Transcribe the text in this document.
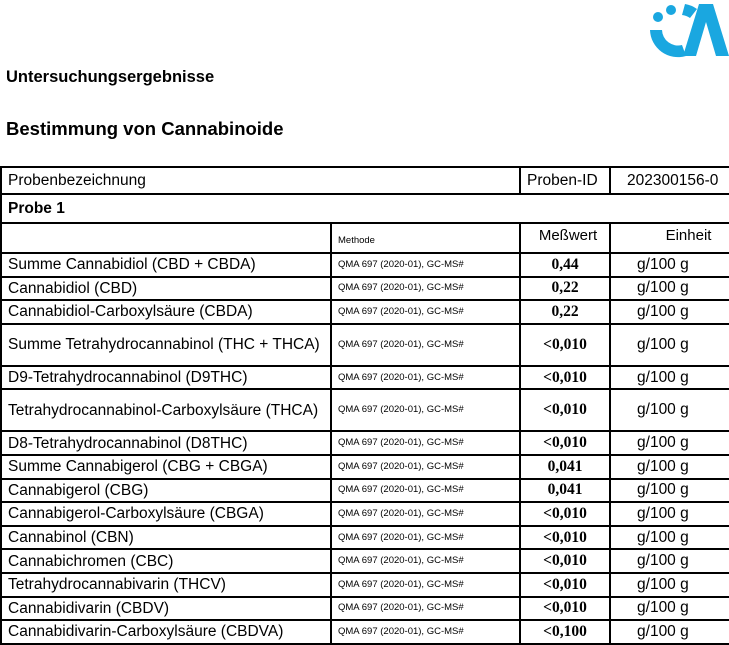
Untersuchungsergebnisse
Bestimmung von Cannabinoide
Probenbezeichnung		Proben-ID	202300156-0
Probe 1			
	Methode	Meßwert	Einheit
Summe Cannabidiol (CBD + CBDA)	QMA 697 (2020-01), GC-MS#	0,44	g/100 g
Cannabidiol (CBD)	QMA 697 (2020-01), GC-MS#	0,22	g/100 g
Cannabidiol-Carboxylsäure (CBDA)	QMA 697 (2020-01), GC-MS#	0,22	g/100 g
Summe Tetrahydrocannabinol (THC + THCA)	QMA 697 (2020-01), GC-MS#	<0,010	g/100 g
D9-Tetrahydrocannabinol (D9THC)	QMA 697 (2020-01), GC-MS#	<0,010	g/100 g
Tetrahydrocannabinol-Carboxylsäure (THCA)	QMA 697 (2020-01), GC-MS#	<0,010	g/100 g
D8-Tetrahydrocannabinol (D8THC)	QMA 697 (2020-01), GC-MS#	<0,010	g/100 g
Summe Cannabigerol (CBG + CBGA)	QMA 697 (2020-01), GC-MS#	0,041	g/100 g
Cannabigerol (CBG)	QMA 697 (2020-01), GC-MS#	0,041	g/100 g
Cannabigerol-Carboxylsäure (CBGA)	QMA 697 (2020-01), GC-MS#	<0,010	g/100 g
Cannabinol (CBN)	QMA 697 (2020-01), GC-MS#	<0,010	g/100 g
Cannabichromen (CBC)	QMA 697 (2020-01), GC-MS#	<0,010	g/100 g
Tetrahydrocannabivarin (THCV)	QMA 697 (2020-01), GC-MS#	<0,010	g/100 g
Cannabidivarin (CBDV)	QMA 697 (2020-01), GC-MS#	<0,010	g/100 g
Cannabidivarin-Carboxylsäure (CBDVA)	QMA 697 (2020-01), GC-MS#	<0,100	g/100 g
